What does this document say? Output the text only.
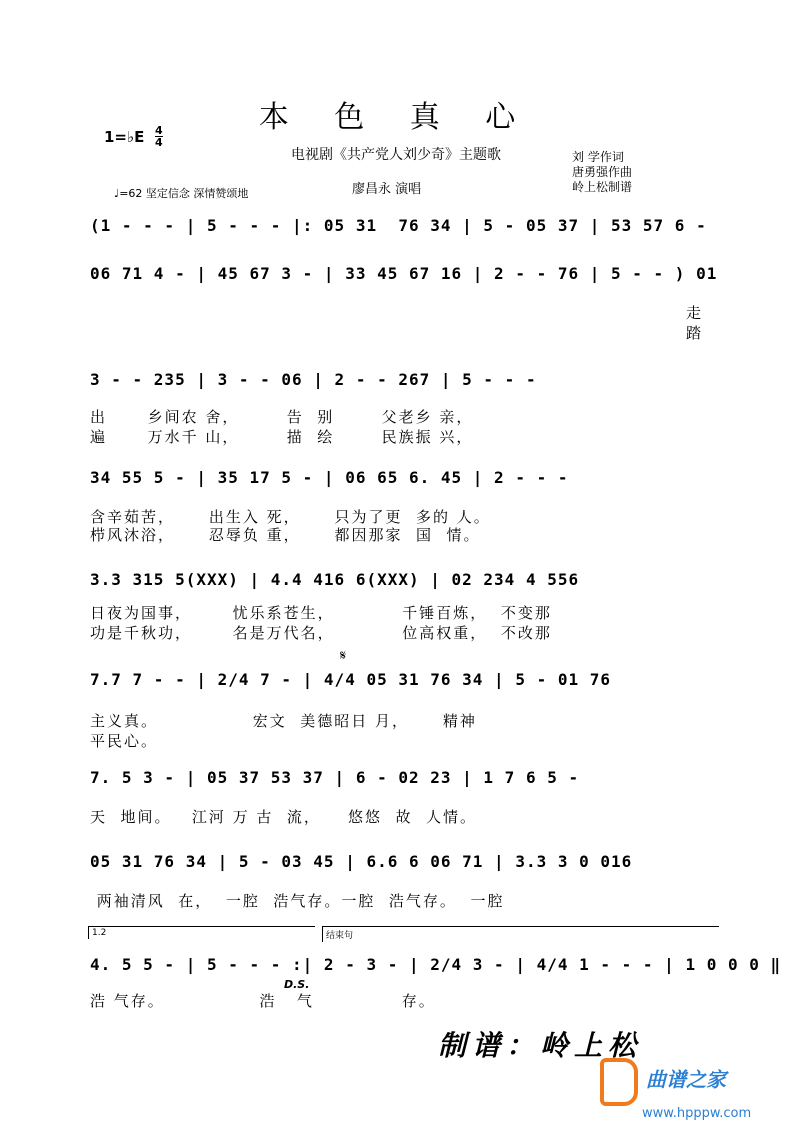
本 色 真 心
电视剧《共产党人刘少奇》主题歌
1=♭E 4
4
♩=62 坚定信念 深情赞颂地	廖昌永 演唱
刘 学作词
唐勇强作曲
岭上松制谱
(1 - - - | 5 - - - |: 05 31  76 34 | 5 - 05 37 | 53 57 6 -
06 71 4 - | 45 67 3 - | 33 45 67 16 | 2 - - 76 | 5 - - ) 01
走
踏
3 - - 235 | 3 - - 06 | 2 - - 267 | 5 - - -
出      乡间农 舍，       告  别       父老乡 亲，
遍      万水千 山，       描  绘       民族振 兴，
34 55 5 - | 35 17 5 - | 06 65 6. 45 | 2 - - -
含辛茹苦，     出生入 死，     只为了更  多的 人。
栉风沐浴，     忍辱负 重，     都因那家  国  情。
3.3 315 5(XXX) | 4.4 416 6(XXX) | 02 234 4 556
日夜为国事，      忧乐系苍生，          千锤百炼，  不变那
功是千秋功，      名是万代名，          位高权重，  不改那
𝄋
7.7 7 - - | 2/4 7 - | 4/4 05 31 76 34 | 5 - 01 76
主义真。              宏文  美德昭日 月，     精神
平民心。
7. 5 3 - | 05 37 53 37 | 6 - 02 23 | 1 7 6 5 -
天  地间。   江河 万 古  流，    悠悠  故  人情。
05 31 76 34 | 5 - 03 45 | 6.6 6 06 71 | 3.3 3 0 016
两袖清风  在，  一腔  浩气存。一腔  浩气存。  一腔
1.2	结束句
4. 5 5 - | 5 - - - :| 2 - 3 - | 2/4 3 - | 4/4 1 - - - | 1 0 0 0 ‖
D.S.
浩 气存。              浩   气             存。
制谱：岭上松
曲谱之家
www.hpppw.com
